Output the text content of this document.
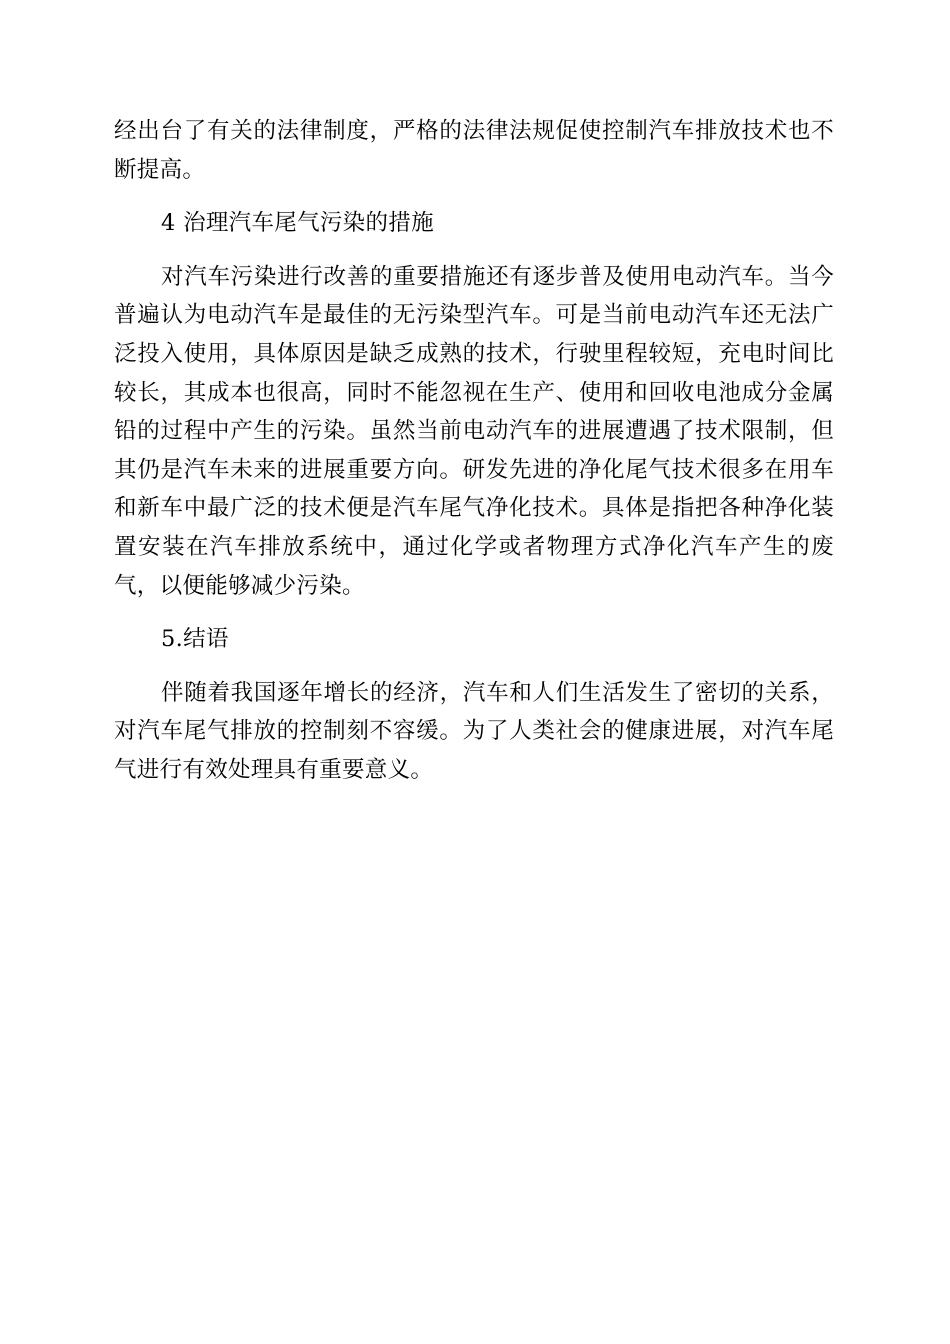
经出台了有关的法律制度，严格的法律法规促使控制汽车排放技术也不断提高。

4 治理汽车尾气污染的措施

对汽车污染进行改善的重要措施还有逐步普及使用电动汽车。当今普遍认为电动汽车是最佳的无污染型汽车。可是当前电动汽车还无法广泛投入使用，具体原因是缺乏成熟的技术，行驶里程较短，充电时间比较长，其成本也很高，同时不能忽视在生产、使用和回收电池成分金属铅的过程中产生的污染。虽然当前电动汽车的进展遭遇了技术限制，但其仍是汽车未来的进展重要方向。研发先进的净化尾气技术很多在用车和新车中最广泛的技术便是汽车尾气净化技术。具体是指把各种净化装置安装在汽车排放系统中，通过化学或者物理方式净化汽车产生的废气，以便能够减少污染。

5.结语

伴随着我国逐年增长的经济，汽车和人们生活发生了密切的关系，对汽车尾气排放的控制刻不容缓。为了人类社会的健康进展，对汽车尾气进行有效处理具有重要意义。
